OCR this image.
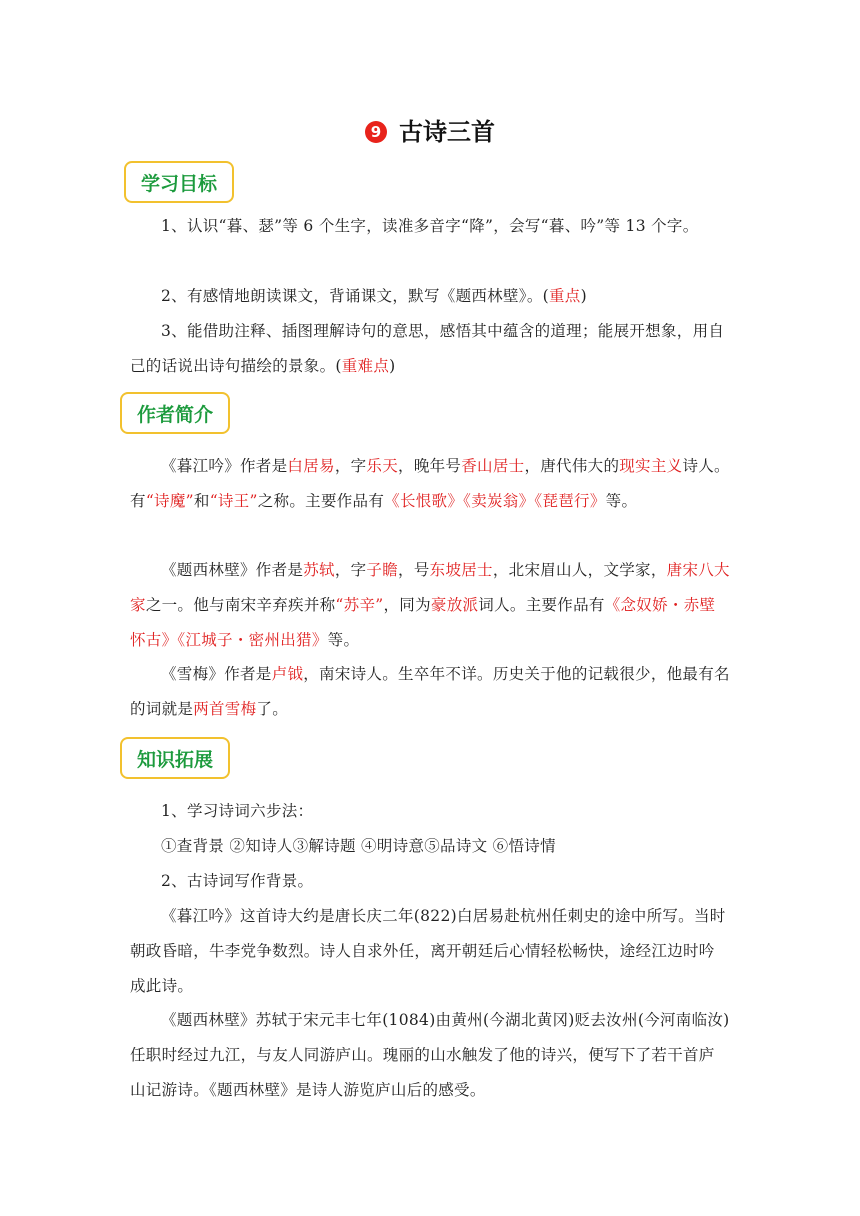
9 古诗三首
学习目标
1、认识“暮、瑟”等 6 个生字，读准多音字“降”，会写“暮、吟”等 13 个字。
2、有感情地朗读课文，背诵课文，默写《题西林壁》。(重点)
3、能借助注释、插图理解诗句的意思，感悟其中蕴含的道理；能展开想象，用自己的话说出诗句描绘的景象。(重难点)
作者简介
《暮江吟》作者是白居易，字乐天，晚年号香山居士，唐代伟大的现实主义诗人。有“诗魔”和“诗王”之称。主要作品有《长恨歌》《卖炭翁》《琵琶行》等。
《题西林壁》作者是苏轼，字子瞻，号东坡居士，北宋眉山人，文学家，唐宋八大家之一。他与南宋辛弃疾并称“苏辛”，同为豪放派词人。主要作品有《念奴娇・赤壁怀古》《江城子・密州出猎》等。
《雪梅》作者是卢钺，南宋诗人。生卒年不详。历史关于他的记载很少，他最有名的词就是两首雪梅了。
知识拓展
1、学习诗词六步法：
①查背景 ②知诗人③解诗题 ④明诗意⑤品诗文 ⑥悟诗情
2、古诗词写作背景。
《暮江吟》这首诗大约是唐长庆二年(822)白居易赴杭州任刺史的途中所写。当时朝政昏暗，牛李党争数烈。诗人自求外任，离开朝廷后心情轻松畅快，途经江边时吟成此诗。
《题西林壁》苏轼于宋元丰七年(1084)由黄州(今湖北黄冈)贬去汝州(今河南临汝)任职时经过九江，与友人同游庐山。瑰丽的山水触发了他的诗兴，便写下了若干首庐山记游诗。《题西林壁》是诗人游览庐山后的感受。
